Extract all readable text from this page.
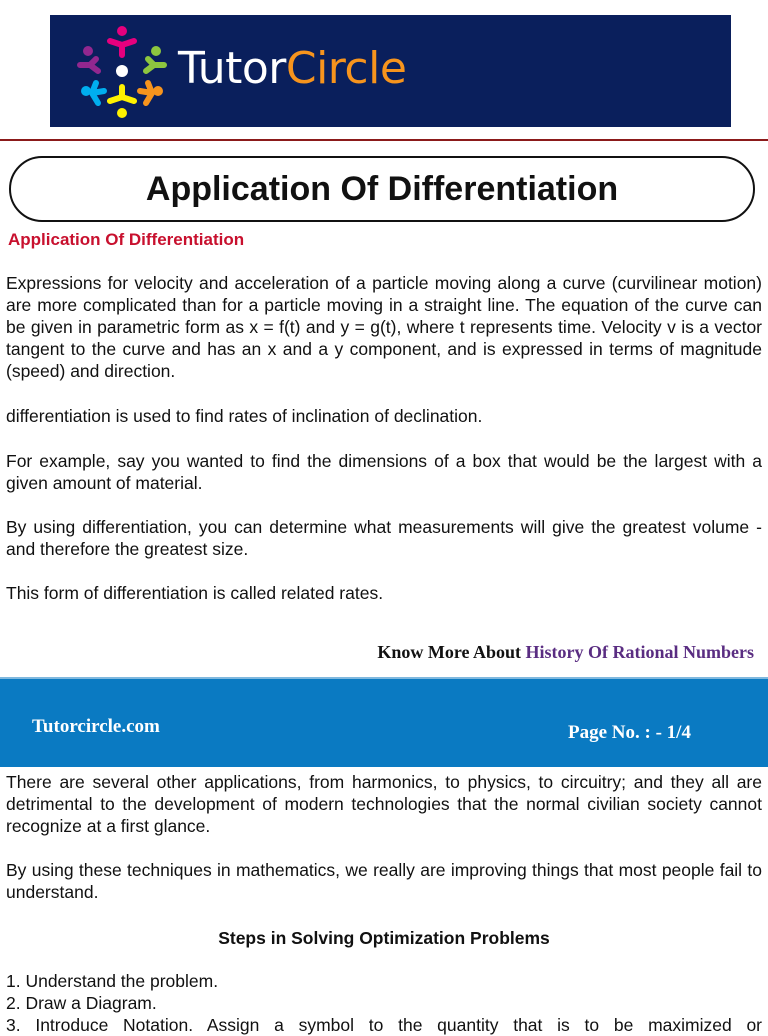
TutorCircle
Application Of Differentiation

Application Of Differentiation

Expressions for velocity and acceleration of a particle moving along a curve (curvilinear motion) are more complicated than for a particle moving in a straight line. The equation of the curve can be given in parametric form as x = f(t) and y = g(t), where t represents time. Velocity v is a vector tangent to the curve and has an x and a y component, and is expressed in terms of magnitude (speed) and direction.

differentiation is used to find rates of inclination of declination.

For example, say you wanted to find the dimensions of a box that would be the largest with a given amount of material.

By using differentiation, you can determine what measurements will give the greatest volume - and therefore the greatest size.

This form of differentiation is called related rates.

Know More About History Of Rational Numbers

Tutorcircle.com	Page No. : - 1/4

There are several other applications, from harmonics, to physics, to circuitry; and they all are detrimental to the development of modern technologies that the normal civilian society cannot recognize at a first glance.

By using these techniques in mathematics, we really are improving things that most people fail to understand.

Steps in Solving Optimization Problems

1. Understand the problem.
2. Draw a Diagram.
3. Introduce Notation. Assign a symbol to the quantity that is to be maximized or
